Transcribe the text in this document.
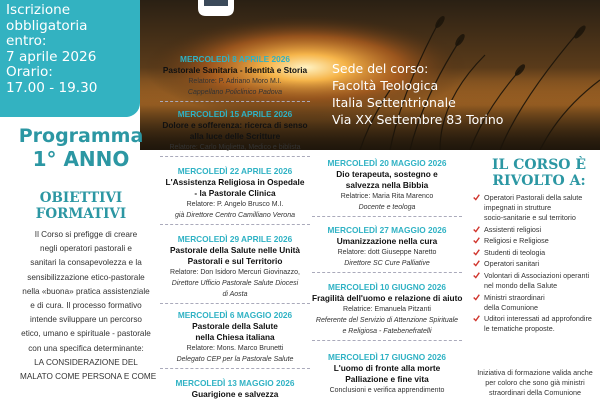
Iscrizione
obbligatoria
entro:
7 aprile 2026
Orario:
17.00 - 19.30
Sede del corso:
Facoltà Teologica
Italia Settentrionale
Via XX Settembre 83 Torino
Programma
1° ANNO
OBIETTIVI
FORMATIVI
Il Corso si prefigge di creare
negli operatori pastorali e
sanitari la consapevolezza e la
sensibilizzazione etico-pastorale
nella «buona» pratica assistenziale
e di cura. Il processo formativo
intende sviluppare un percorso
etico, umano e spirituale - pastorale
con una specifica determinante:
LA CONSIDERAZIONE DEL
MALATO COME PERSONA E COME
MERCOLEDÌ 8 APRILE 2026
Pastorale Sanitaria - Identità e Storia
Relatore: P. Adriano Moro M.I.
Cappellano Policlinico Padova
MERCOLEDÌ 15 APRILE 2026
Dolore e sofferenza: ricerca di senso
alla luce delle Scritture
Relatore: Carlo Miglietta, Medico e biblista
MERCOLEDÌ 22 APRILE 2026
L'Assistenza Religiosa in Ospedale
- la Pastorale Clinica
Relatore: P. Angelo Brusco M.I.
già Direttore Centro Camilliano Verona
MERCOLEDÌ 29 APRILE 2026
Pastorale della Salute nelle Unità
Pastorali e sul Territorio
Relatore: Don Isidoro Mercuri Giovinazzo,
Direttore Ufficio Pastorale Salute Diocesi
di Aosta
MERCOLEDÌ 6 MAGGIO 2026
Pastorale della Salute
nella Chiesa italiana
Relatore: Mons. Marco Brunetti
Delegato CEP per la Pastorale Salute
MERCOLEDÌ 13 MAGGIO 2026
Guarigione e salvezza
MERCOLEDÌ 20 MAGGIO 2026
Dio terapeuta, sostegno e
salvezza nella Bibbia
Relatrice: Maria Rita Marenco
Docente e teologa
MERCOLEDÌ 27 MAGGIO 2026
Umanizzazione nella cura
Relatore: dott Giuseppe Naretto
Direttore SC Cure Palliative
MERCOLEDÌ 10 GIUGNO 2026
Fragilità dell'uomo e relazione di aiuto
Relatrice: Emanuela Pitzanti
Referente del Servizio di Attenzione Spirituale
e Religiosa - Fatebenefratelli
MERCOLEDÌ 17 GIUGNO 2026
L'uomo di fronte alla morte
Palliazione e fine vita
Conclusioni e verifica apprendimento
IL CORSO È
RIVOLTO A:
Operatori Pastorali della salute
impegnati in strutture
socio-sanitarie e sul territorio
Assistenti religiosi
Religiosi e Religiose
Studenti di teologia
Operatori sanitari
Volontari di Associazioni operanti
nel mondo della Salute
Ministri straordinari
della Comunione
Uditori interessati ad approfondire
le tematiche proposte.
Iniziativa di formazione valida anche
per coloro che sono già ministri
straordinari della Comunione
